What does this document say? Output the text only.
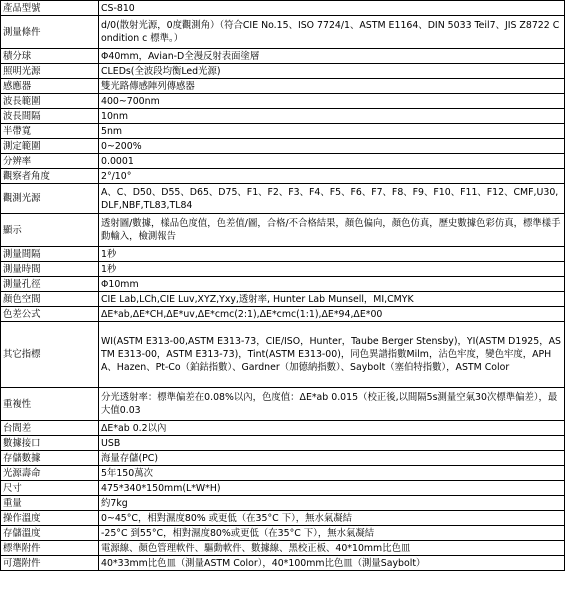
產品型號	CS-810
測量條件	d/0(散射光源，0度觀測角）（符合CIE No.15、ISO 7724/1、ASTM E1164、DIN 5033 Teil7、JIS Z8722 Condition c 標準。）
積分球	Φ40mm，Avian-D全漫反射表面塗層
照明光源	CLEDs(全波段均衡Led光源)
感應器	雙光路傳感陣列傳感器
波長範圍	400~700nm
波長間隔	10nm
半帶寬	5nm
測定範圍	0~200%
分辨率	0.0001
觀察者角度	2°/10°
觀測光源	A、C、D50、D55、D65、D75、F1、F2、F3、F4、F5、F6、F7、F8、F9、F10、F11、F12、CMF,U30,DLF,NBF,TL83,TL84
顯示	透射圖/數據，樣品色度值，色差值/圖，合格/不合格結果，顏色偏向，顏色仿真，歷史數據色彩仿真，標準樣手動輸入，檢測報告
測量間隔	1秒
測量時間	1秒
測量孔徑	Φ10mm
顏色空間	CIE Lab,LCh,CIE Luv,XYZ,Yxy,透射率, Hunter Lab Munsell，MI,CMYK
色差公式	ΔE*ab,ΔE*CH,ΔE*uv,ΔE*cmc(2:1),ΔE*cmc(1:1),ΔE*94,ΔE*00
其它指標	WI(ASTM E313-00,ASTM E313-73，CIE/ISO，Hunter，Taube Berger Stensby)，YI(ASTM D1925，ASTM E313-00，ASTM E313-73)，Tint(ASTM E313-00)，同色異譜指數Milm，沾色牢度，變色牢度，APHA、Hazen、Pt-Co（鉑鈷指數）、Gardner（加德納指數）、Saybolt（塞伯特指數），ASTM Color
重複性	分光透射率：標準偏差在0.08%以內，色度值：ΔE*ab 0.015（校正後,以間隔5s測量空氣30次標準偏差），最大值0.03
台間差	ΔE*ab 0.2以內
數據接口	USB
存儲數據	海量存儲(PC)
光源壽命	5年150萬次
尺寸	475*340*150mm(L*W*H)
重量	約7kg
操作溫度	0~45°C，相對濕度80% 或更低（在35°C 下），無水氣凝結
存儲溫度	-25°C 到55°C，相對濕度80%或更低（在35°C 下），無水氣凝結
標準附件	電源線、顏色管理軟件、驅動軟件、數據線、黑校正板、40*10mm比色皿
可選附件	40*33mm比色皿（測量ASTM Color），40*100mm比色皿（測量Saybolt）
